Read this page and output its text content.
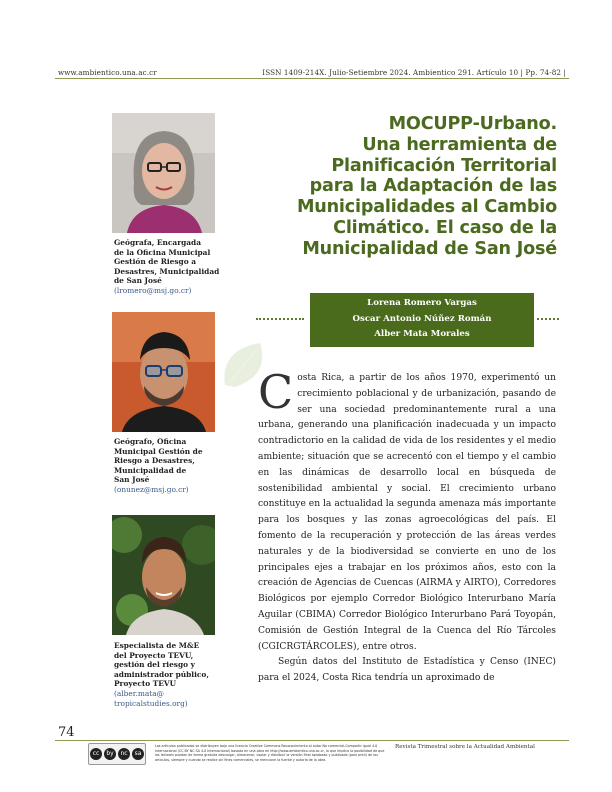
www.ambientico.una.ac.cr	ISSN 1409-214X. Julio-Setiembre 2024. Ambientico 291. Artículo 10 | Pp. 74-82 |
Geógrafa, Encargada
de la Oficina Municipal
Gestión de Riesgo a
Desastres, Municipalidad
de San José
(lromero@msj.go.cr)
Geógrafo, Oficina
Municipal Gestión de
Riesgo a Desastres,
Municipalidad de
San José
(onunez@msj.go.cr)
Especialista de M&E
del Proyecto TEVU,
gestión del riesgo y
administrador público,
Proyecto TEVU
(alber.mata@
tropicalstudies.org)
MOCUPP-Urbano.
Una herramienta de
Planificación Territorial
para la Adaptación de las
Municipalidades al Cambio
Climático. El caso de la
Municipalidad de San José
Lorena Romero Vargas
Oscar Antonio Núñez Román
Alber Mata Morales

Costa Rica, a partir de los años 1970, experimentó un crecimiento poblacional y de urbanización, pasando de ser una sociedad predominantemente rural a una urbana, generando una planificación inadecuada y un impacto contradictorio en la calidad de vida de los residentes y el medio ambiente; situación que se acrecentó con el tiempo y el cambio en las dinámicas de desarrollo local en búsqueda de sostenibilidad ambiental y social. El crecimiento urbano constituye en la actualidad la segunda amenaza más importante para los bosques y las zonas agroecológicas del país. El fomento de la recuperación y protección de las áreas verdes naturales y de la biodiversidad se convierte en uno de los principales ejes a trabajar en los próximos años, esto con la creación de Agencias de Cuencas (AIRMA y AIRTO), Corredores Biológicos por ejemplo Corredor Biológico Interurbano María Aguilar (CBIMA) Corredor Biológico Interurbano Pará Toyopán, Comisión de Gestión Integral de la Cuenca del Río Tárcoles (CGICRGTÁRCOLES), entre otros.

Según datos del Instituto de Estadística y Censo (INEC) para el 2024, Costa Rica tendría un aproximado de

74
cc	by	nc	sa
Los artículos publicados se distribuyen bajo una licencia Creative Commons Reconocimiento al autor-No comercial-Compartir igual 4.0 Internacional (CC BY NC SA 4.0 Internacional) basada en una obra en http://www.ambientico.una.ac.cr, lo que implica la posibilidad de que los lectores puedan de forma gratuita descargar, almacenar, copiar y distribuir la versión final aprobada y publicada (post print) de los artículos, siempre y cuando se realice sin fines comerciales, se mencione la fuente y autoría de la obra.
Revista Trimestral sobre la Actualidad Ambiental
